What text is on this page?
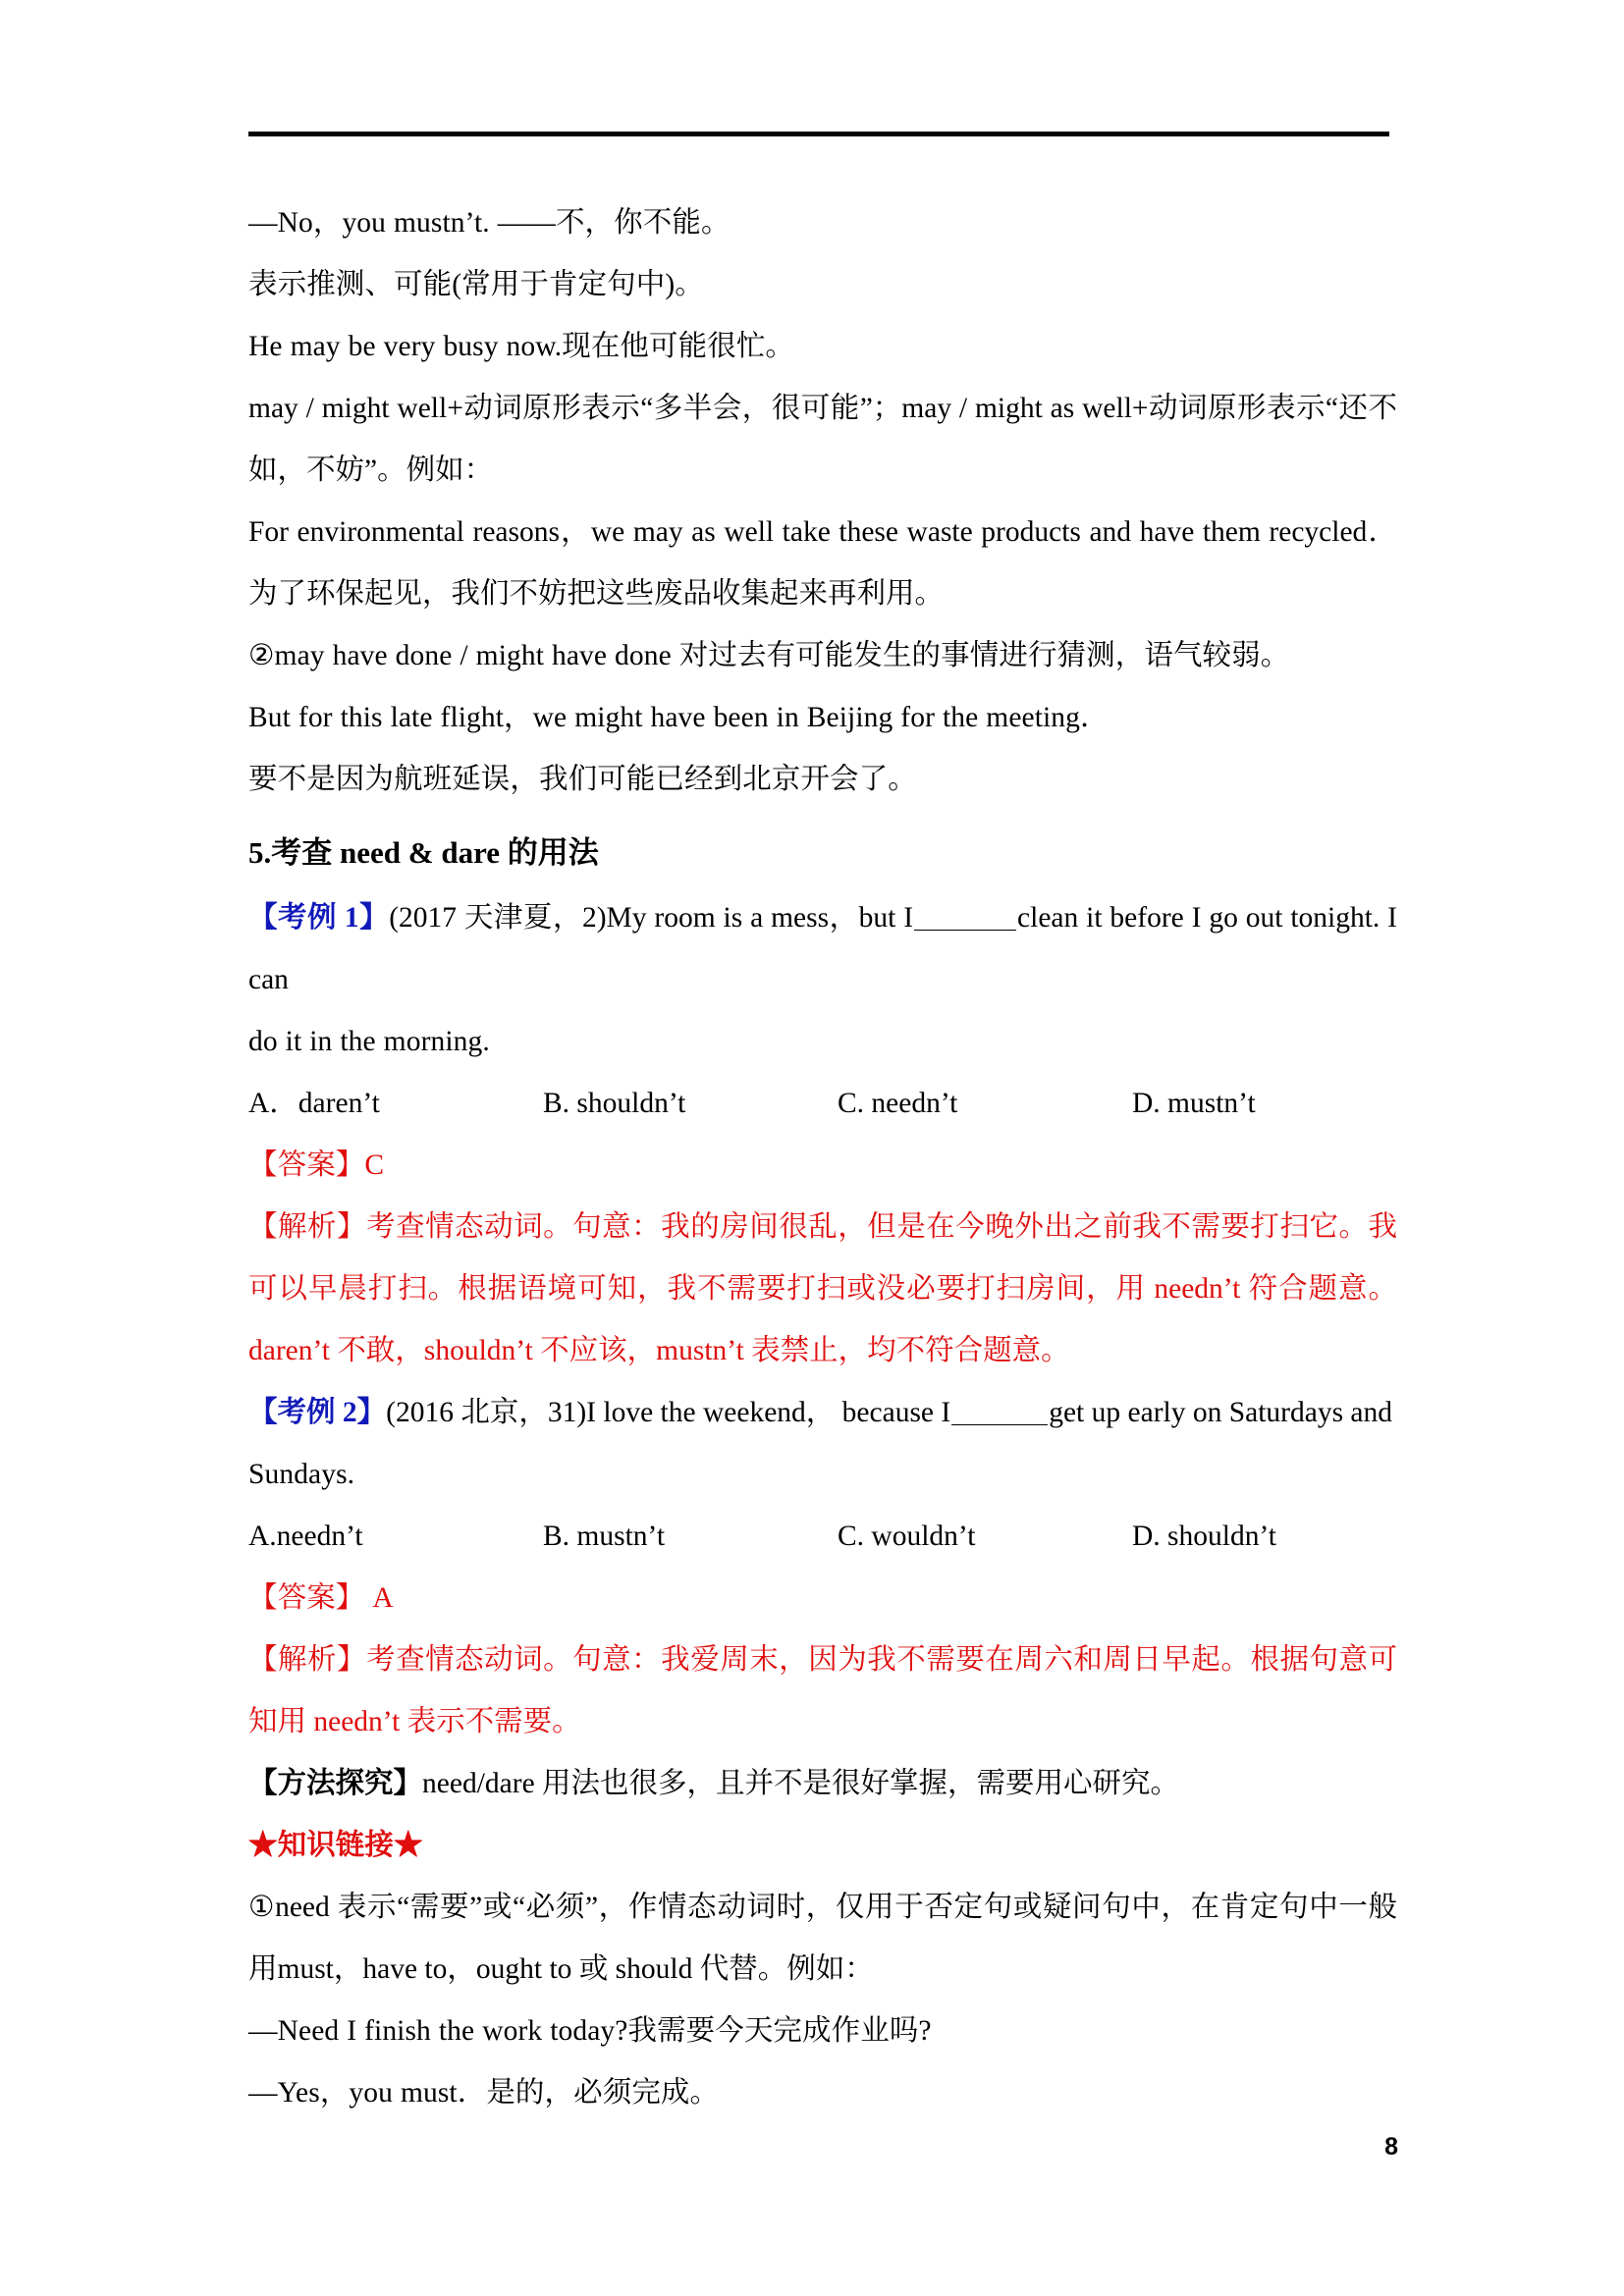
—No，you mustn’t. ——不，你不能。

表示推测、可能(常用于肯定句中)。

He may be very busy now.现在他可能很忙。

may / might well+动词原形表示“多半会，很可能”；may / might as well+动词原形表示“还不如，不妨”。例如：

For environmental reasons，we may as well take these waste products and have them recycled．为了环保起见，我们不妨把这些废品收集起来再利用。

②may have done / might have done 对过去有可能发生的事情进行猜测，语气较弱。

But for this late flight，we might have been in Beijing for the meeting．

要不是因为航班延误，我们可能已经到北京开会了。

5.考查 need & dare 的用法

【考例 1】(2017 天津夏，2)My room is a mess，but I	clean it before I go out tonight. I can

do it in the morning.

A．daren’t	B. shouldn’t	C. needn’t	D. mustn’t

【答案】C

【解析】考查情态动词。句意：我的房间很乱，但是在今晚外出之前我不需要打扫它。我可以早晨打扫。根据语境可知，我不需要打扫或没必要打扫房间，用 needn’t 符合题意。daren’t 不敢，shouldn’t 不应该，mustn’t 表禁止，均不符合题意。

【考例 2】(2016 北京，31)I love the weekend， because I	get up early on Saturdays and

Sundays.

A.needn’t	B. mustn’t	C. wouldn’t	D. shouldn’t

【答案】 A

【解析】考查情态动词。句意：我爱周末，因为我不需要在周六和周日早起。根据句意可知用 needn’t 表示不需要。

【方法探究】need/dare 用法也很多，且并不是很好掌握，需要用心研究。

★知识链接★

①need 表示“需要”或“必须”，作情态动词时，仅用于否定句或疑问句中，在肯定句中一般用must，have to，ought to 或 should 代替。例如：

—Need I finish the work today?我需要今天完成作业吗?

—Yes，you must．是的，必须完成。

8
